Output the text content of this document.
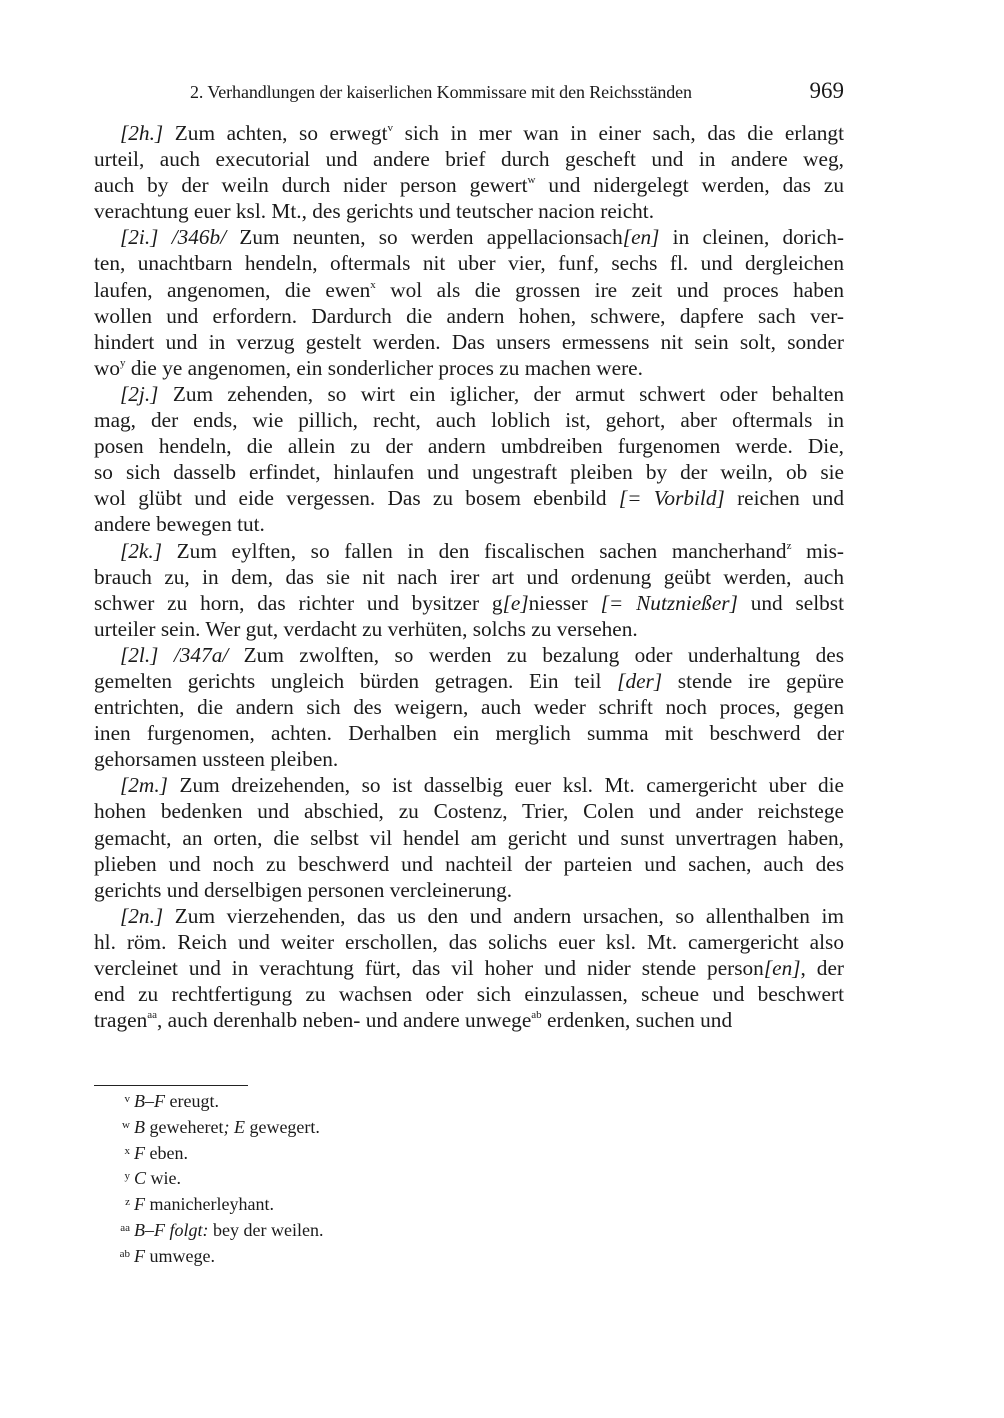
2. Verhandlungen der kaiserlichen Kommissare mit den Reichsständen	969
[2h.] Zum achten, so erwegt$^v$ sich in mer wan in einer sach, das die erlangt
urteil, auch executorial und andere brief durch gescheft und in andere weg,
auch by der weiln durch nider person gewert$^w$ und nidergelegt werden, das zu
verachtung euer ksl. Mt., des gerichts und teutscher nacion reicht.
[2i.] /346b/ Zum neunten, so werden appellacionsach[en] in cleinen, dorich-
ten, unachtbarn hendeln, oftermals nit uber vier, funf, sechs fl. und dergleichen
laufen, angenomen, die ewen$^x$ wol als die grossen ire zeit und proces haben
wollen und erfordern. Dardurch die andern hohen, schwere, dapfere sach ver-
hindert und in verzug gestelt werden. Das unsers ermessens nit sein solt, sonder
$wo^y$ die ye angenomen, ein sonderlicher proces zu machen were.
[2j.] Zum zehenden, so wirt ein iglicher, der armut schwert oder behalten
mag, der ends, wie pillich, recht, auch loblich ist, gehort, aber oftermals in
posen hendeln, die allein zu der andern umbdreiben furgenomen werde. Die,
so sich dasselb erfindet, hinlaufen und ungestraft pleiben by der weiln, ob sie
wol glübt und eide vergessen. Das zu bosem ebenbild [= Vorbild] reichen und
andere bewegen tut.
[2k.] Zum eylften, so fallen in den fiscalischen sachen mancherhand$^z$ mis-
brauch zu, in dem, das sie nit nach irer art und ordenung geübt werden, auch
schwer zu horn, das richter und bysitzer g[e]niesser [= Nutznießer] und selbst
urteiler sein. Wer gut, verdacht zu verhüten, solchs zu versehen.
[2l.] /347a/ Zum zwolften, so werden zu bezalung oder underhaltung des
gemelten gerichts ungleich bürden getragen. Ein teil [der] stende ire gepüre
entrichten, die andern sich des weigern, auch weder schrift noch proces, gegen
inen furgenomen, achten. Derhalben ein merglich summa mit beschwerd der
gehorsamen ussteen pleiben.
[2m.] Zum dreizehenden, so ist dasselbig euer ksl. Mt. camergericht uber die
hohen bedenken und abschied, zu Costenz, Trier, Colen und ander reichstege
gemacht, an orten, die selbst vil hendel am gericht und sunst unvertragen haben,
plieben und noch zu beschwerd und nachteil der parteien und sachen, auch des
gerichts und derselbigen personen vercleinerung.
[2n.] Zum vierzehenden, das us den und andern ursachen, so allenthalben im
hl. röm. Reich und weiter erschollen, das solichs euer ksl. Mt. camergericht also
vercleinet und in verachtung fürt, das vil hoher und nider stende person[en], der
end zu rechtfertigung zu wachsen oder sich einzulassen, scheue und beschwert
tragen$^{aa}$, auch derenhalb neben- und andere unwege$^{ab}$ erdenken, suchen und
v B–F ereugt.
w B geweheret; E gewegert.
x F eben.
y C wie.
z F manicherleyhant.
aa B–F folgt: bey der weilen.
ab F umwege.
